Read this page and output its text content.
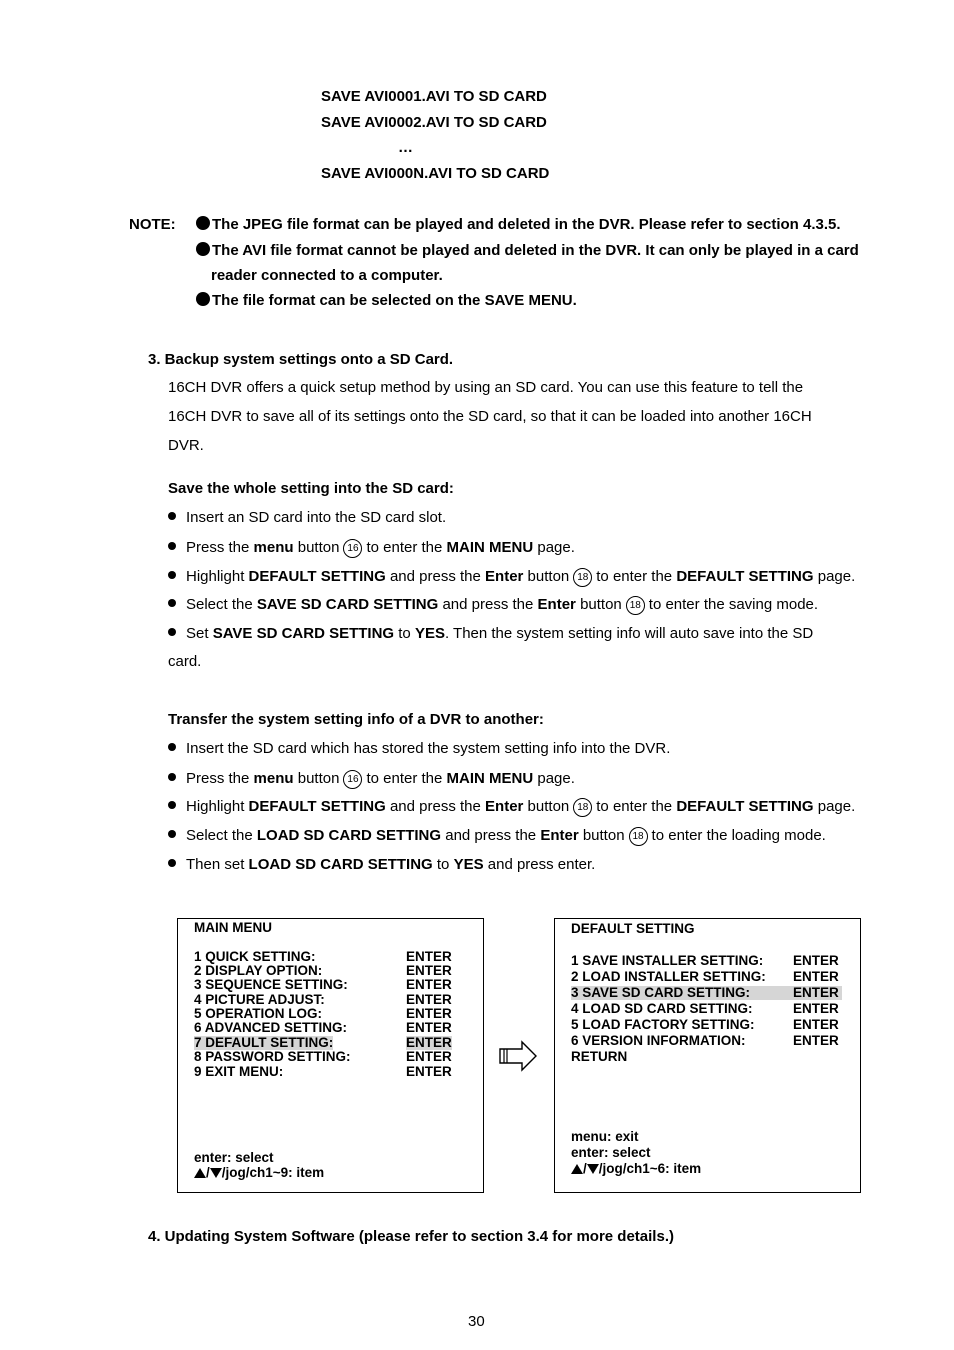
SAVE AVI0001.AVI TO SD CARD
SAVE AVI0002.AVI TO SD CARD
…
SAVE AVI000N.AVI TO SD CARD
NOTE:	The JPEG file format can be played and deleted in the DVR. Please refer to section 4.3.5.
The AVI file format cannot be played and deleted in the DVR. It can only be played in a card
reader connected to a computer.
The file format can be selected on the SAVE MENU.
3. Backup system settings onto a SD Card.
16CH DVR offers a quick setup method by using an SD card. You can use this feature to tell the
16CH DVR to save all of its settings onto the SD card, so that it can be loaded into another 16CH
DVR.
Save the whole setting into the SD card:
Insert an SD card into the SD card slot.
Press the menu button 16 to enter the MAIN MENU page.
Highlight DEFAULT SETTING and press the Enter button 18 to enter the DEFAULT SETTING page.
Select the SAVE SD CARD SETTING and press the Enter button 18 to enter the saving mode.
Set SAVE SD CARD SETTING to YES. Then the system setting info will auto save into the SD
card.
Transfer the system setting info of a DVR to another:
Insert the SD card which has stored the system setting info into the DVR.
Press the menu button 16 to enter the MAIN MENU page.
Highlight DEFAULT SETTING and press the Enter button 18 to enter the DEFAULT SETTING page.
Select the LOAD SD CARD SETTING and press the Enter button 18 to enter the loading mode.
Then set LOAD SD CARD SETTING to YES and press enter.
MAIN MENU
1 QUICK SETTING:	ENTER
2 DISPLAY OPTION:	ENTER
3 SEQUENCE SETTING:	ENTER
4 PICTURE ADJUST:	ENTER
5 OPERATION LOG:	ENTER
6 ADVANCED SETTING:	ENTER
7 DEFAULT SETTING:	ENTER
8 PASSWORD SETTING:	ENTER
9 EXIT MENU:	ENTER
enter: select
/ /jog/ch1~9: item
DEFAULT SETTING
1 SAVE INSTALLER SETTING: ENTER
2 LOAD INSTALLER SETTING: ENTER
3 SAVE SD CARD SETTING:	ENTER
4 LOAD SD CARD SETTING:	ENTER
5 LOAD FACTORY SETTING:	ENTER
6 VERSION INFORMATION:	ENTER
RETURN
menu: exit
enter: select
/ /jog/ch1~6: item
4. Updating System Software (please refer to section 3.4 for more details.)
30
